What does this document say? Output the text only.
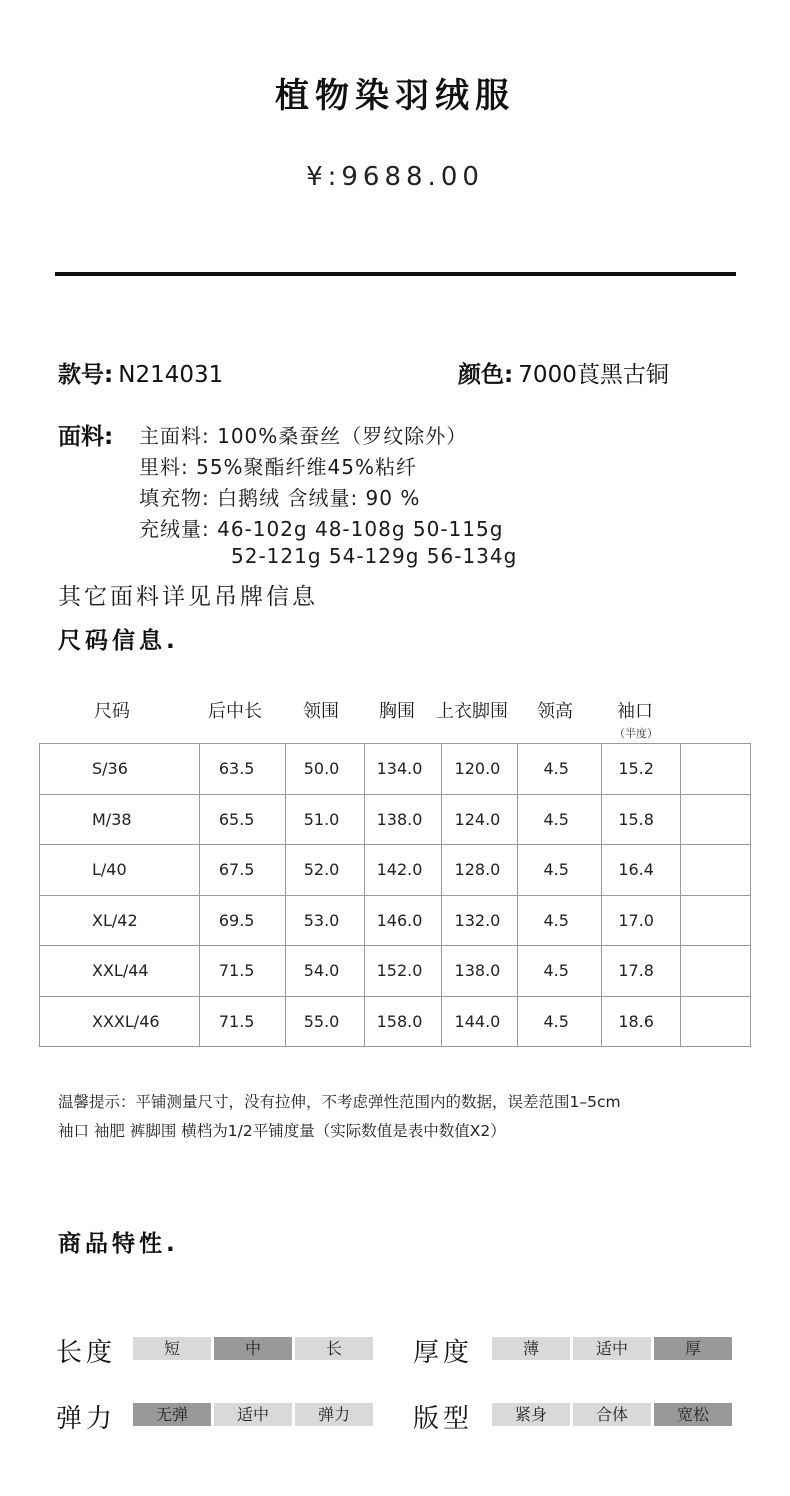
植物染羽绒服
¥:9688.00
款号: N214031	颜色: 7000莨黑古铜
面料: 主面料: 100%桑蚕丝（罗纹除外）
里料: 55%聚酯纤维45%粘纤
填充物: 白鹅绒 含绒量: 90 %
充绒量: 46-102g 48-108g 50-115g
52-121g 54-129g 56-134g
其它面料详见吊牌信息
尺码信息.
尺码	后中长 领围 胸围 上衣脚围 领高 袖口
（半度）
S/36	63.5	50.0	134.0	120.0	4.5	15.2	
M/38	65.5	51.0	138.0	124.0	4.5	15.8	
L/40	67.5	52.0	142.0	128.0	4.5	16.4	
XL/42	69.5	53.0	146.0	132.0	4.5	17.0	
XXL/44	71.5	54.0	152.0	138.0	4.5	17.8	
XXXL/46	71.5	55.0	158.0	144.0	4.5	18.6	
温馨提示：平铺测量尺寸，没有拉伸，不考虑弹性范围内的数据，误差范围1–5cm
袖口 袖肥 裤脚围 横档为1/2平铺度量（实际数值是表中数值X2）
商品特性.
长度	厚度
弹力	版型
短	中	长	薄	适中	厚
无弹	适中	弹力	紧身	合体	宽松
